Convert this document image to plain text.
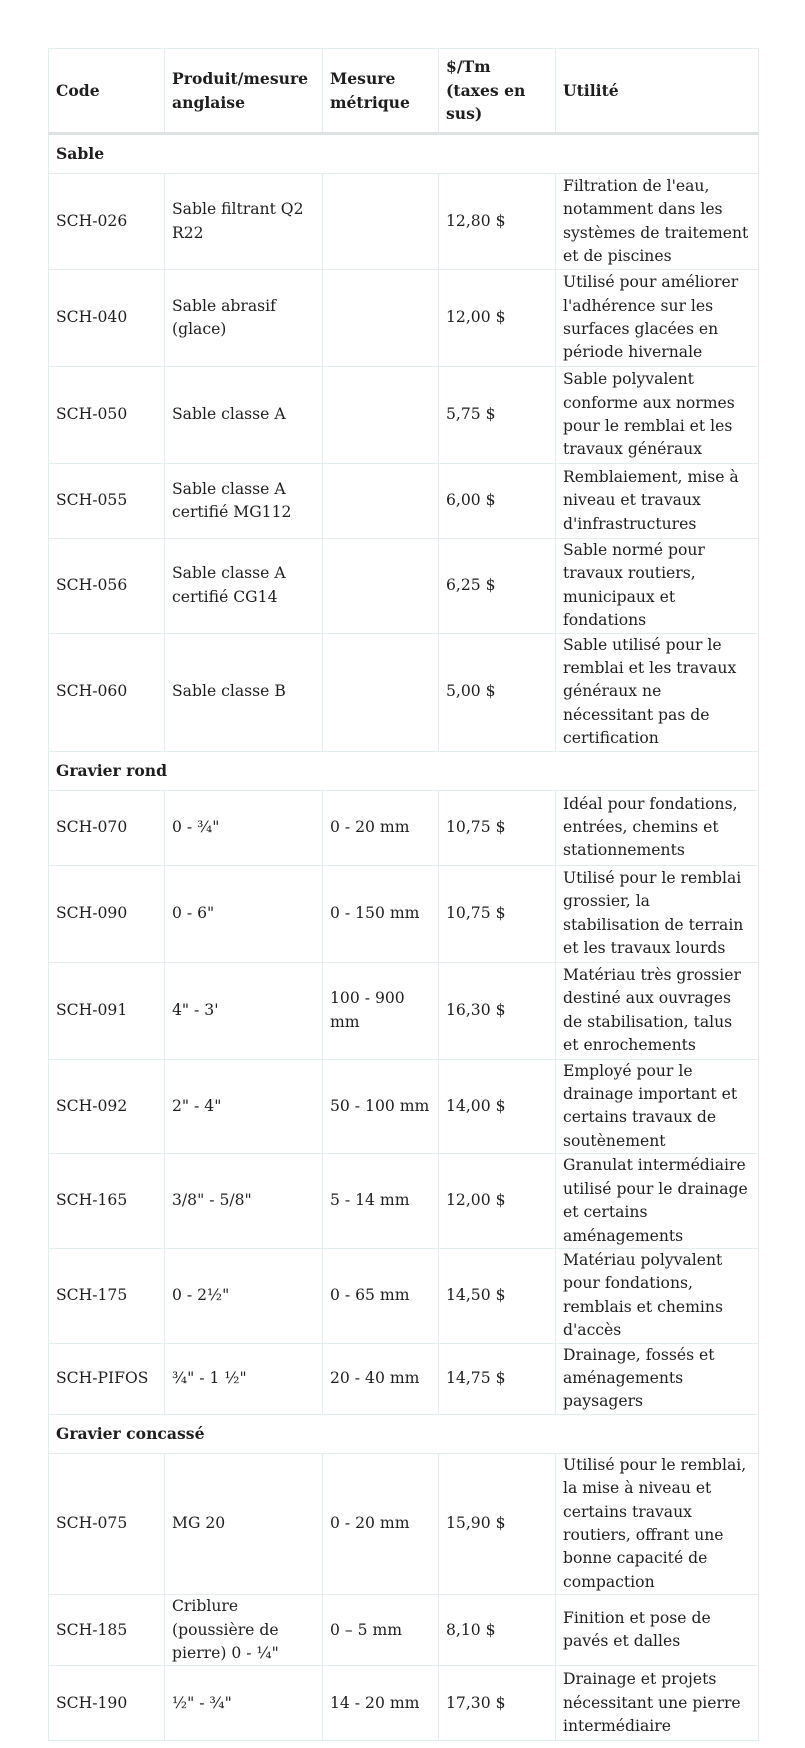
Code	Produit/mesure anglaise	Mesure métrique	$/Tm (taxes en sus)	Utilité
Sable				
SCH-026	Sable filtrant Q2 R22		12,80 $	Filtration de l'eau, notamment dans les systèmes de traitement et de piscines
SCH-040	Sable abrasif (glace)		12,00 $	Utilisé pour améliorer l'adhérence sur les surfaces glacées en période hivernale
SCH-050	Sable classe A		5,75 $	Sable polyvalent conforme aux normes pour le remblai et les travaux généraux
SCH-055	Sable classe A certifié MG112		6,00 $	Remblaiement, mise à niveau et travaux d'infrastructures
SCH-056	Sable classe A certifié CG14		6,25 $	Sable normé pour travaux routiers, municipaux et fondations
SCH-060	Sable classe B		5,00 $	Sable utilisé pour le remblai et les travaux généraux ne nécessitant pas de certification
Gravier rond				
SCH-070	0 - ¾"	0 - 20 mm	10,75 $	Idéal pour fondations, entrées, chemins et stationnements
SCH-090	0 - 6"	0 - 150 mm	10,75 $	Utilisé pour le remblai grossier, la stabilisation de terrain et les travaux lourds
SCH-091	4" - 3'	100 - 900 mm	16,30 $	Matériau très grossier destiné aux ouvrages de stabilisation, talus et enrochements
SCH-092	2" - 4"	50 - 100 mm	14,00 $	Employé pour le drainage important et certains travaux de soutènement
SCH-165	3/8" - 5/8"	5 - 14 mm	12,00 $	Granulat intermédiaire utilisé pour le drainage et certains aménagements
SCH-175	0 - 2½"	0 - 65 mm	14,50 $	Matériau polyvalent pour fondations, remblais et chemins d'accès
SCH-PIFOS	¾" - 1 ½"	20 - 40 mm	14,75 $	Drainage, fossés et aménagements paysagers
Gravier concassé				
SCH-075	MG 20	0 - 20 mm	15,90 $	Utilisé pour le remblai, la mise à niveau et certains travaux routiers, offrant une bonne capacité de compaction
SCH-185	Criblure (poussière de pierre) 0 - ¼"	0 – 5 mm	8,10 $	Finition et pose de pavés et dalles
SCH-190	½" - ¾"	14 - 20 mm	17,30 $	Drainage et projets nécessitant une pierre intermédiaire
